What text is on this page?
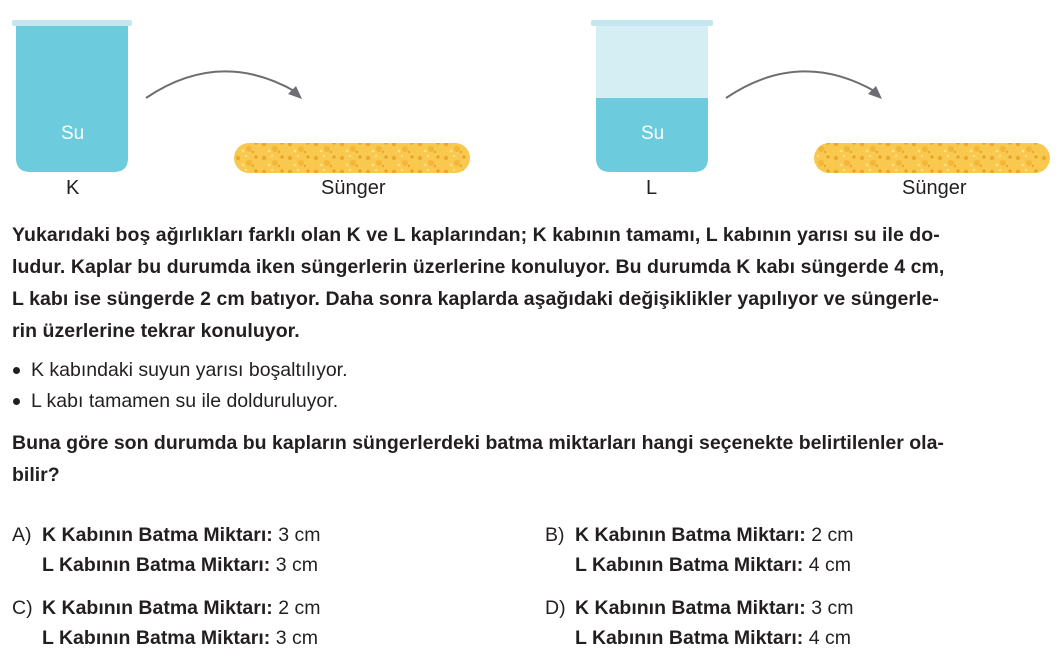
Su
K	Sünger
Su
L	Sünger
Yukarıdaki boş ağırlıkları farklı olan K ve L kaplarından; K kabının tamamı, L kabının yarısı su ile do-
ludur. Kaplar bu durumda iken süngerlerin üzerlerine konuluyor. Bu durumda K kabı süngerde 4 cm,
L kabı ise süngerde 2 cm batıyor. Daha sonra kaplarda aşağıdaki değişiklikler yapılıyor ve süngerle-
rin üzerlerine tekrar konuluyor.
K kabındaki suyun yarısı boşaltılıyor.
L kabı tamamen su ile dolduruluyor.
Buna göre son durumda bu kapların süngerlerdeki batma miktarları hangi seçenekte belirtilenler ola-
bilir?
A) K Kabının Batma Miktarı: 3 cm
L Kabının Batma Miktarı: 3 cm
B) K Kabının Batma Miktarı: 2 cm
L Kabının Batma Miktarı: 4 cm
C) K Kabının Batma Miktarı: 2 cm
L Kabının Batma Miktarı: 3 cm
D) K Kabının Batma Miktarı: 3 cm
L Kabının Batma Miktarı: 4 cm
